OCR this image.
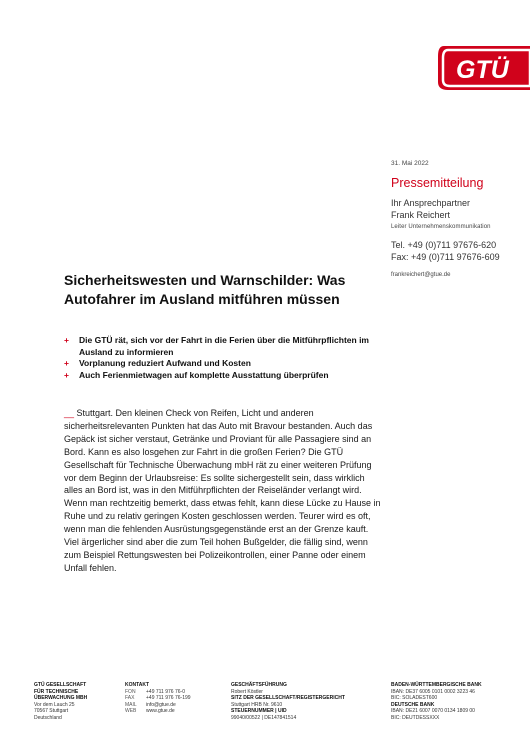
GTÜ
31. Mai 2022
Pressemitteilung
Ihr Ansprechpartner
Frank Reichert
Leiter Unternehmenskommunikation
Tel. +49 (0)711 97676-620
Fax: +49 (0)711 97676-609
frankreichert@gtue.de
Sicherheitswesten und Warnschilder: Was Autofahrer im Ausland mitführen müssen
+ Die GTÜ rät, sich vor der Fahrt in die Ferien über die Mitführpflichten im Ausland zu informieren
+ Vorplanung reduziert Aufwand und Kosten
+ Auch Ferienmietwagen auf komplette Ausstattung überprüfen
__ Stuttgart. Den kleinen Check von Reifen, Licht und anderen sicherheitsrelevanten Punkten hat das Auto mit Bravour bestanden. Auch das Gepäck ist sicher verstaut, Getränke und Proviant für alle Passagiere sind an Bord. Kann es also losgehen zur Fahrt in die großen Ferien? Die GTÜ Gesellschaft für Technische Überwachung mbH rät zu einer weiteren Prüfung vor dem Beginn der Urlaubsreise: Es sollte sichergestellt sein, dass wirklich alles an Bord ist, was in den Mitführpflichten der Reiseländer verlangt wird. Wenn man rechtzeitig bemerkt, dass etwas fehlt, kann diese Lücke zu Hause in Ruhe und zu relativ geringen Kosten geschlossen werden. Teurer wird es oft, wenn man die fehlenden Ausrüstungsgegenstände erst an der Grenze kauft. Viel ärgerlicher sind aber die zum Teil hohen Bußgelder, die fällig sind, wenn zum Beispiel Rettungswesten bei Polizeikontrollen, einer Panne oder einem Unfall fehlen.
GTÜ GESELLSCHAFT
FÜR TECHNISCHE
ÜBERWACHUNG MBH
Vor dem Lauch 25
70567 Stuttgart
Deutschland
KONTAKT
FON	+49 711 976 76-0
FAX	+49 711 976 76-199
MAIL	info@gtue.de
WEB	www.gtue.de
GESCHÄFTSFÜHRUNG
Robert Köstler
SITZ DER GESELLSCHAFT/REGISTERGERICHT
Stuttgart HRB Nr. 9610
STEUERNUMMER | UID
99040/00522 | DE147841514
BADEN-WÜRTTEMBERGISCHE BANK
IBAN: DE37 6005 0101 0002 3223 46
BIC: SOLADEST600
DEUTSCHE BANK
IBAN: DE21 6007 0070 0134 1809 00
BIC: DEUTDESSXXX
